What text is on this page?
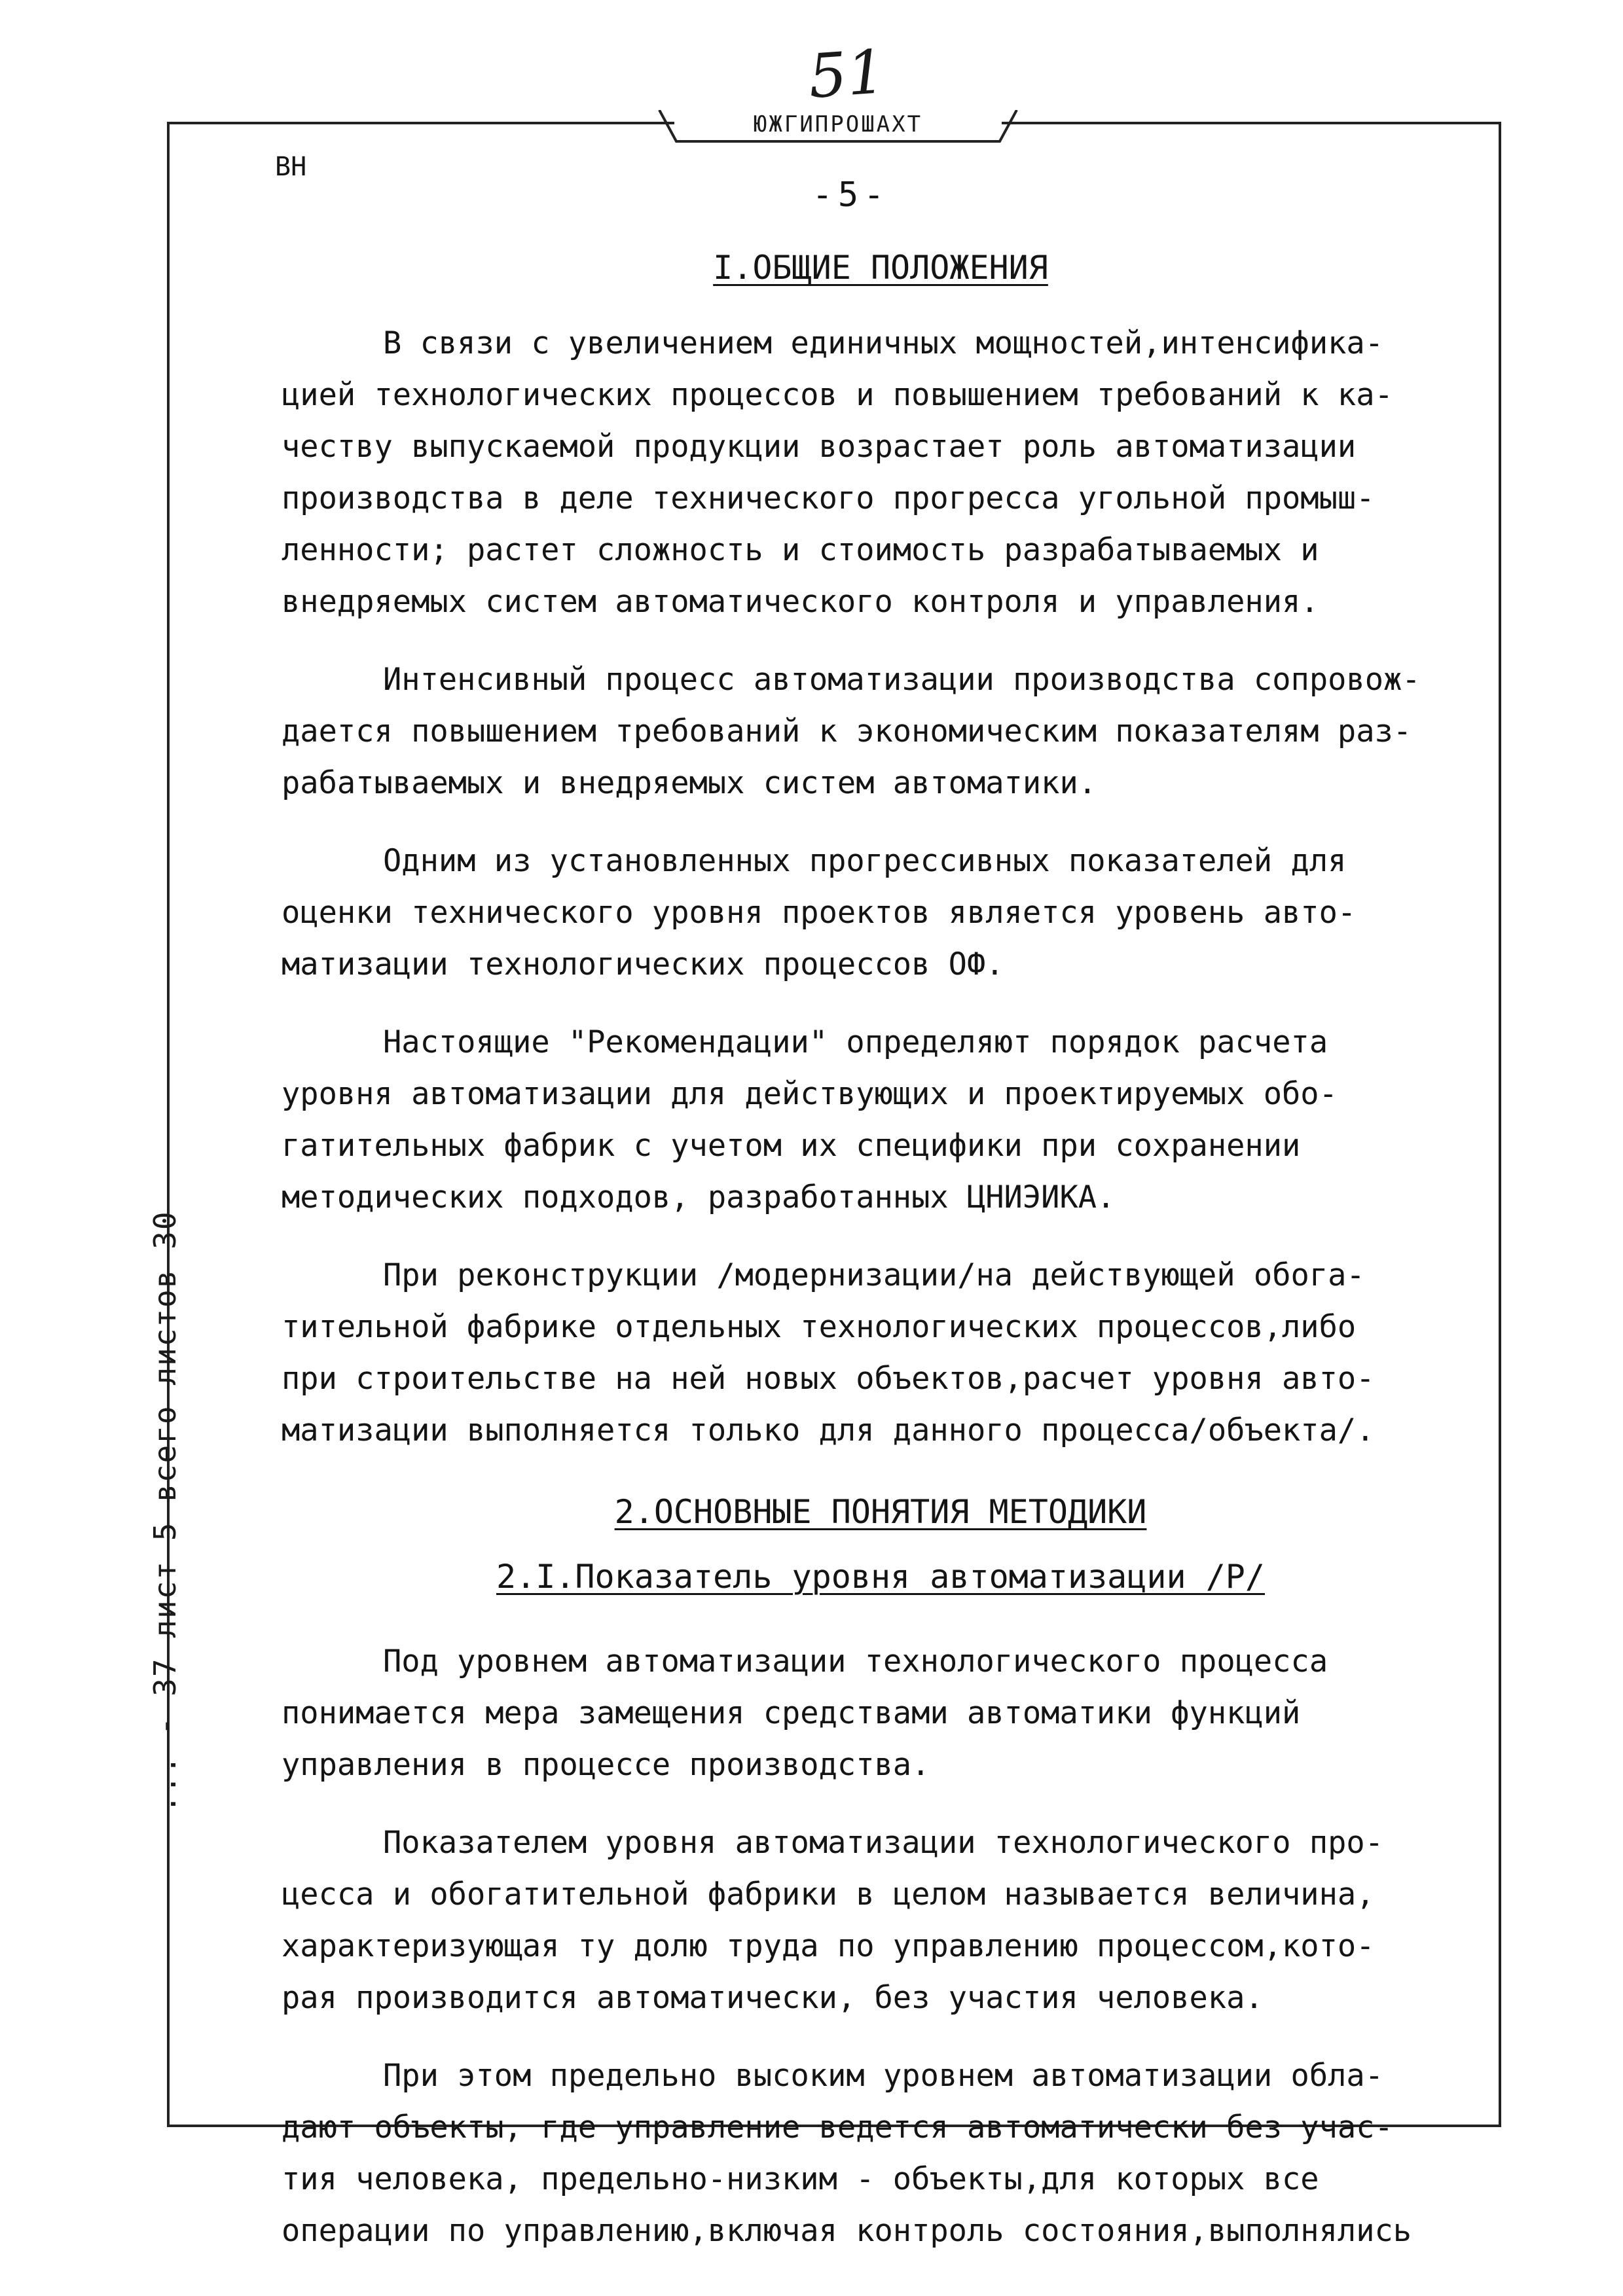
51
ЮЖГИПРОШАХТ
ВН
-5-
I.ОБЩИЕ ПОЛОЖЕНИЯ

В связи с увеличением единичных мощностей,интенсифика-
цией технологических процессов и повышением требований к ка-
честву выпускаемой продукции возрастает роль автоматизации
производства в деле технического прогресса угольной промыш-
ленности; растет сложность и стоимость разрабатываемых и
внедряемых систем автоматического контроля и управления.

Интенсивный процесс автоматизации производства сопровож-
дается повышением требований к экономическим показателям раз-
рабатываемых и внедряемых систем автоматики.

Одним из установленных прогрессивных показателей для
оценки технического уровня проектов является уровень авто-
матизации технологических процессов ОФ.

Настоящие "Рекомендации" определяют порядок расчета
уровня автоматизации для действующих и проектируемых обо-
гатительных фабрик с учетом их специфики при сохранении
методических подходов, разработанных ЦНИЭИКА.

При реконструкции /модернизации/на действующей обога-
тительной фабрике отдельных технологических процессов,либо
при строительстве на ней новых объектов,расчет уровня авто-
матизации выполняется только для данного процесса/объекта/.

2.ОСНОВНЫЕ ПОНЯТИЯ МЕТОДИКИ
2.I.Показатель уровня автоматизации /Р/

Под уровнем автоматизации технологического процесса
понимается мера замещения средствами автоматики функций
управления в процессе производства.

Показателем уровня автоматизации технологического про-
цесса и обогатительной фабрики в целом называется величина,
характеризующая ту долю труда по управлению процессом,кото-
рая производится автоматически, без участия человека.

При этом предельно высоким уровнем автоматизации обла-
дают объекты, где управление ведется автоматически без учас-
тия человека, предельно-низким - объекты,для которых все
операции по управлению,включая контроль состояния,выполнялись

... - 37 лист 5 всего листов 30
